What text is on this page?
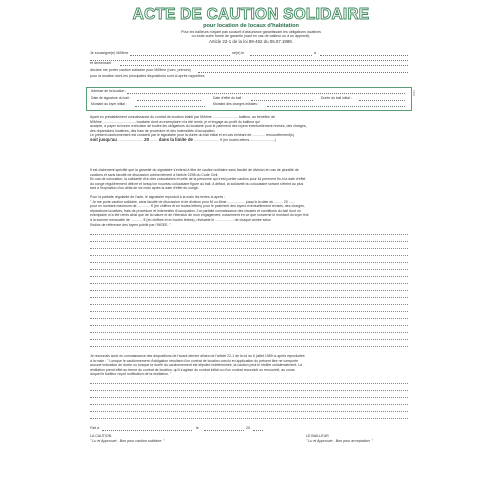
ACTE DE CAUTION SOLIDAIRE
pour location de locaux d'habitation
Pour les bailleurs n'ayant pas souscrit d'assurance garantissant les obligations locatives
ou toute autre forme de garantie (sauf en cas de bailleur ou à un apprenti).
Article 22-1 de la loi 89-462 du 06.07.1989.
Je soussigné(e) M/Mme	né(e) le	à
et demeurant
déclare me porter caution solidaire pour M/Mme (nom, prénom)
pour la location dont les principales dispositions sont ci-après rappelées.
Adresse de la location :
Date de signature du bail :	Date d'effet du bail :	Durée du bail initial :
Montant du loyer initial :	Montant des charges initiales :
TCS
Ayant eu préalablement connaissance du contrat de location établi par M/Mme ........................., bailleur, au bénéfice de
M/Mme ................................., locataire dont un exemplaire m'a été remis, je m'engage au profit du bailleur qui
accepte, à payer la bonne exécution de toutes les obligations du locataire pour le paiement des loyers éventuellement révisés, des charges,
des réparations locatives, des frais de procédure et des indemnités d'occupation.
Le présent cautionnement est consenti par le signataire pour la durée du bail initial et en cas échéant de ............. renouvellement(s)
soit jusqu'au .......................... 20 ........ dans la limite de .......................... € (en toutes lettres .........................)
Il est clairement spécifié que la garantie du signataire s'entend à titre de caution solidaire sans faculté de division en cas de pluralité de
cautions et sans faculté de discussion conformément à l'article 2298 du Code Civil.
En cas de colocation, la solidarité d'un des colocataires et celle de la personne qui s'est portée caution pour lui prennent fin à la date d'effet
du congé régulièrement délivré et lorsqu'un nouveau colocataire figure au bail. A défaut, la solidarité du colocataire sortant s'éteint au plus
tard à l'expiration d'un délai de six mois après la date d'effet du congé.
Pour la parfaite régularité de l'acte, le signataire reproduit à la main les textes ci-après :
" Je me porte caution solidaire, sans faculté de discussion ni de division pour M ou Mme .................. jusqu'à la date du ......... 20 ......
pour un montant maximum de ............. € (en chiffres et en toutes lettres) pour le paiement des loyers éventuellement révisés, des charges,
réparations locatives, frais de procédure et indemnités d'occupation. J'ai parfaite connaissance des clauses et conditions du bail dont un
exemplaire m'a été remis ainsi que de la nature et de l'étendue de mon engagement, notamment en ce que concerne le montant du loyer fixé
à la somme mensuelle de ............ € (en chiffres et en toutes lettres), révisable le ................... de chaque année selon
l'indice de référence des loyers publié par l'INSEE. "
Je reconnais avoir eu connaissance des dispositions de l'avant dernier alinéa de l'article 22-1 de la loi du 6 juillet 1989 ci-après reproduites
à la main : " Lorsque le cautionnement d'obligation résultant d'un contrat de location conclu en application du présent titre ne comporte
aucune indication de durée ou lorsque la durée du cautionnement est stipulée indéterminée, la caution peut le résilier unilatéralement. La
résiliation prend effet au terme du contrat de location, qu'il s'agisse du contrat initial ou d'un contrat reconduit ou renouvelé, au cours
duquel le bailleur reçoit notification de la résiliation. "
Fait à	le	20
LA CAUTION	LE BAILLEUR
" Lu et Approuvé - Bon pour caution solidaire. "	" Lu et Approuvé - Bon pour acceptation. "
